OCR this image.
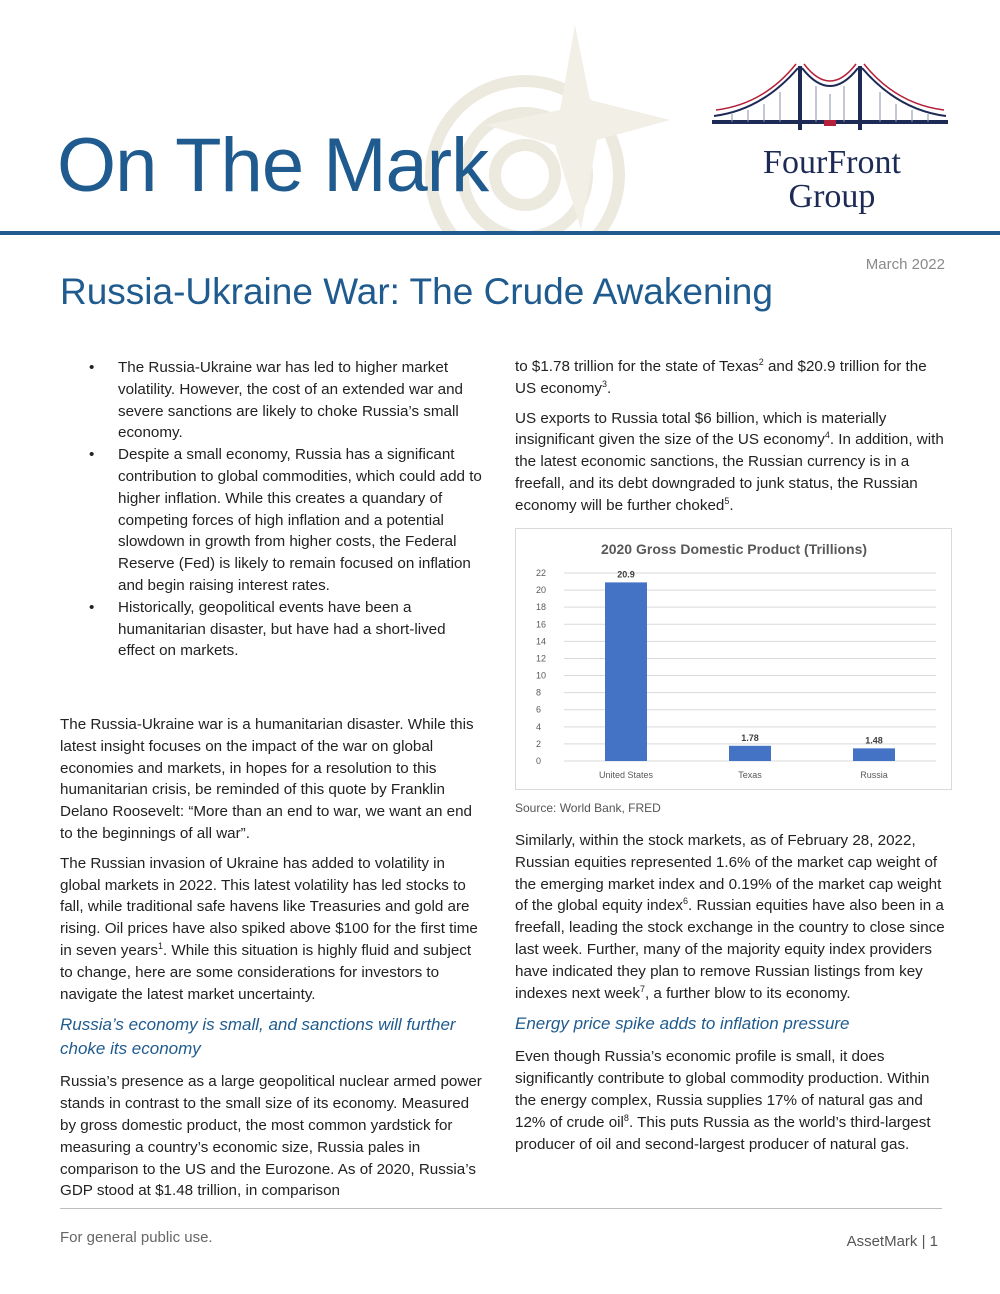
On The Mark	FourFront
Group
March 2022
Russia-Ukraine War: The Crude Awakening
• The Russia-Ukraine war has led to higher market volatility. However, the cost of an extended war and severe sanctions are likely to choke Russia’s small economy.
• Despite a small economy, Russia has a significant contribution to global commodities, which could add to higher inflation. While this creates a quandary of competing forces of high inflation and a potential slowdown in growth from higher costs, the Federal Reserve (Fed) is likely to remain focused on inflation and begin raising interest rates.
• Historically, geopolitical events have been a humanitarian disaster, but have had a short-lived effect on markets.

The Russia-Ukraine war is a humanitarian disaster. While this latest insight focuses on the impact of the war on global economies and markets, in hopes for a resolution to this humanitarian crisis, be reminded of this quote by Franklin Delano Roosevelt: “More than an end to war, we want an end to the beginnings of all war”.

The Russian invasion of Ukraine has added to volatility in global markets in 2022. This latest volatility has led stocks to fall, while traditional safe havens like Treasuries and gold are rising. Oil prices have also spiked above $100 for the first time in seven years$^1$. While this situation is highly fluid and subject to change, here are some considerations for investors to navigate the latest market uncertainty.

Russia’s economy is small, and sanctions will further choke its economy

Russia’s presence as a large geopolitical nuclear armed power stands in contrast to the small size of its economy. Measured by gross domestic product, the most common yardstick for measuring a country’s economic size, Russia pales in comparison to the US and the Eurozone. As of 2020, Russia’s GDP stood at $1.48 trillion, in comparison

to $1.78 trillion for the state of Texas$^2$ and $20.9 trillion for the US economy$^3$.

US exports to Russia total $6 billion, which is materially insignificant given the size of the US economy$^4$. In addition, with the latest economic sanctions, the Russian currency is in a freefall, and its debt downgraded to junk status, the Russian economy will be further choked$^5$.

2020 Gross Domestic Product (Trillions)
0
2
4
6
8
10
12
14
16
18
20
22	20.9
United States
1.78
Texas
1.48
Russia
Source: World Bank, FRED

Similarly, within the stock markets, as of February 28, 2022, Russian equities represented 1.6% of the market cap weight of the emerging market index and 0.19% of the market cap weight of the global equity index$^6$. Russian equities have also been in a freefall, leading the stock exchange in the country to close since last week. Further, many of the majority equity index providers have indicated they plan to remove Russian listings from key indexes next week$^7$, a further blow to its economy.

Energy price spike adds to inflation pressure

Even though Russia’s economic profile is small, it does significantly contribute to global commodity production. Within the energy complex, Russia supplies 17% of natural gas and 12% of crude oil$^8$. This puts Russia as the world’s third-largest producer of oil and second-largest producer of natural gas.

For general public use.	AssetMark | 1
